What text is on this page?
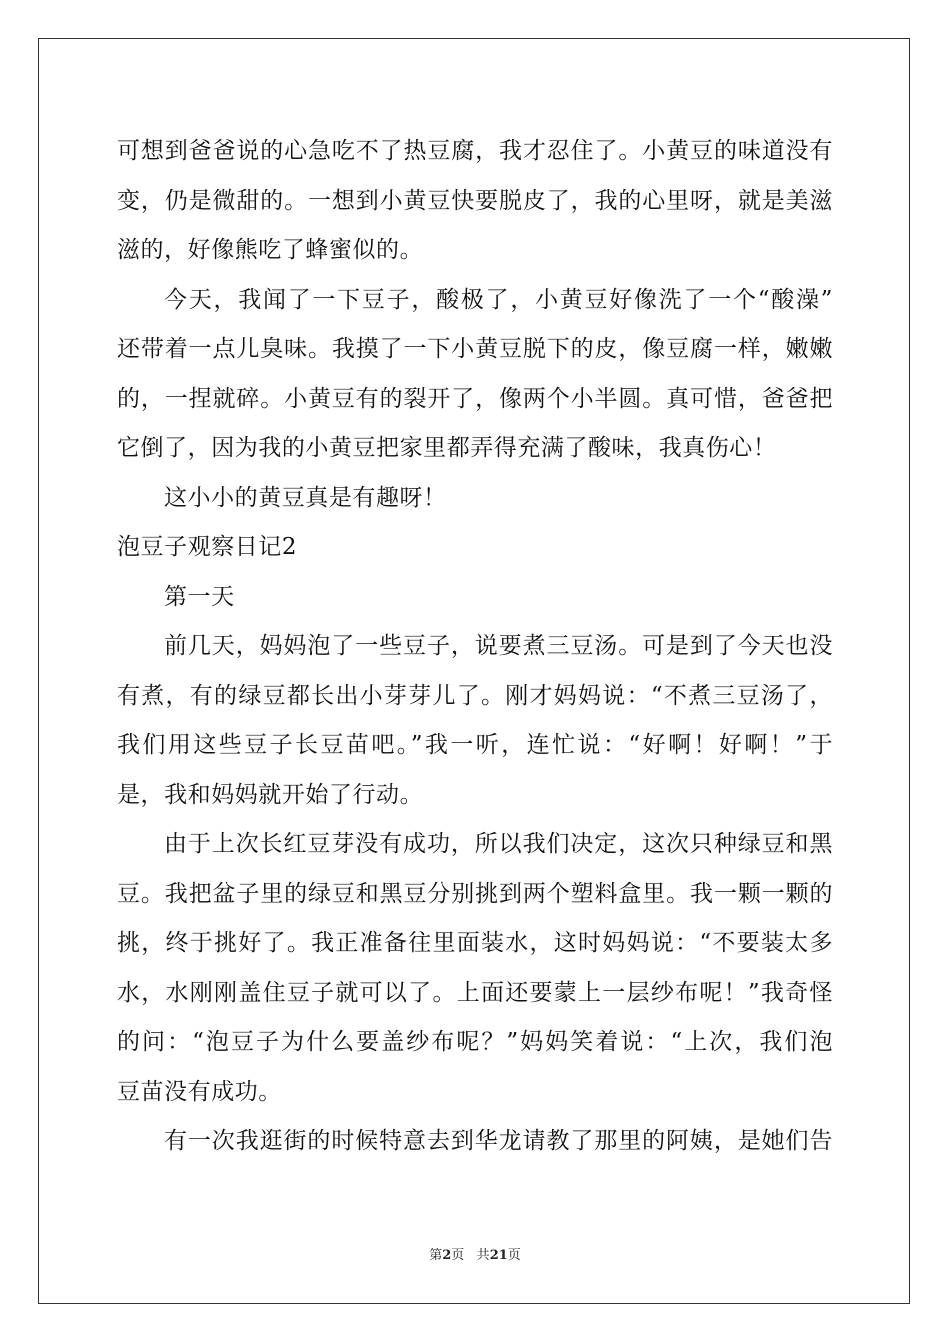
可想到爸爸说的心急吃不了热豆腐，我才忍住了。小黄豆的味道没有
变，仍是微甜的。一想到小黄豆快要脱皮了，我的心里呀，就是美滋
滋的，好像熊吃了蜂蜜似的。
今天，我闻了一下豆子，酸极了，小黄豆好像洗了一个“酸澡”
还带着一点儿臭味。我摸了一下小黄豆脱下的皮，像豆腐一样，嫩嫩
的，一捏就碎。小黄豆有的裂开了，像两个小半圆。真可惜，爸爸把
它倒了，因为我的小黄豆把家里都弄得充满了酸味，我真伤心！
这小小的黄豆真是有趣呀！
泡豆子观察日记2
第一天
前几天，妈妈泡了一些豆子，说要煮三豆汤。可是到了今天也没
有煮，有的绿豆都长出小芽芽儿了。刚才妈妈说：“不煮三豆汤了，
我们用这些豆子长豆苗吧。”我一听，连忙说：“好啊！好啊！”于
是，我和妈妈就开始了行动。
由于上次长红豆芽没有成功，所以我们决定，这次只种绿豆和黑
豆。我把盆子里的绿豆和黑豆分别挑到两个塑料盒里。我一颗一颗的
挑，终于挑好了。我正准备往里面装水，这时妈妈说：“不要装太多
水，水刚刚盖住豆子就可以了。上面还要蒙上一层纱布呢！”我奇怪
的问：“泡豆子为什么要盖纱布呢？”妈妈笑着说：“上次，我们泡
豆苗没有成功。
有一次我逛街的时候特意去到华龙请教了那里的阿姨，是她们告
第2页 共21页
